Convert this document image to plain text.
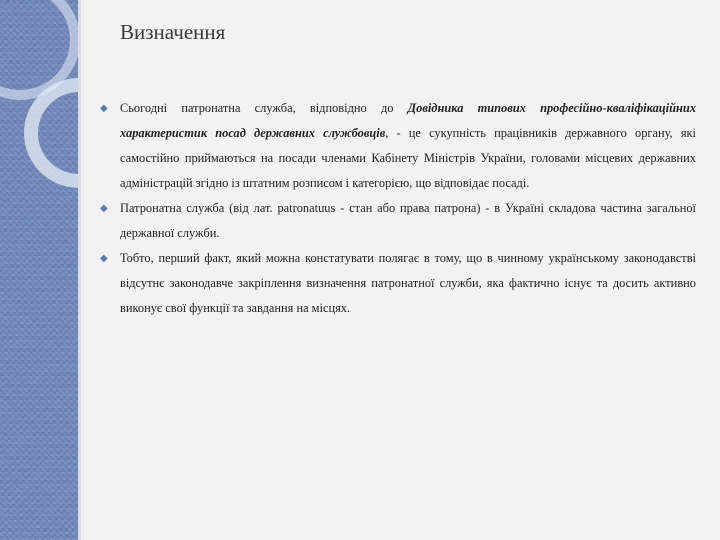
Визначення

◆
Сьогодні патронатна служба, відповідно до Довідника типових професійно-кваліфікаційних характеристик посад державних службовців, - це сукупність працівників державного органу, які самостійно приймаються на посади членами Кабінету Міністрів України, головами місцевих державних адміністрацій згідно із штатним розписом і категорією, що відповідає посаді.

◆
Патронатна служба (від лат. patronatuus - стан або права патрона) - в Україні складова частина загальної державної служби.

◆
Тобто, перший факт, який можна констатувати полягає в тому, що в чинному українському законодавстві відсутнє законодавче закріплення визначення патронатної служби, яка фактично існує та досить активно виконує свої функції та завдання на місцях.
